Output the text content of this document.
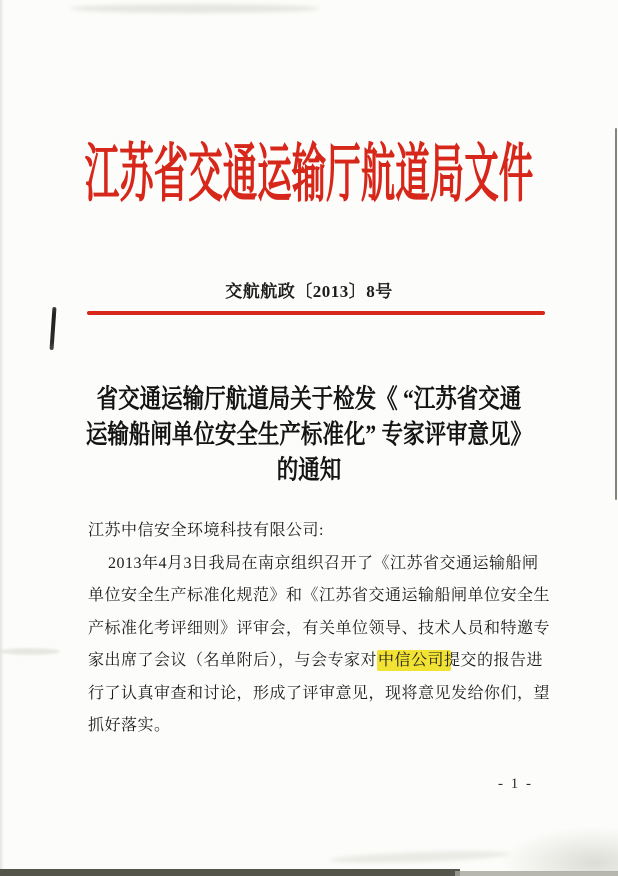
江苏省交通运输厅航道局文件
交航航政〔2013〕8号
省交通运输厅航道局关于检发《 “江苏省交通
运输船闸单位安全生产标准化” 专家评审意见》
的通知
江苏中信安全环境科技有限公司:
2013年4月3日我局在南京组织召开了《江苏省交通运输船闸
单位安全生产标准化规范》和《江苏省交通运输船闸单位安全生
产标准化考评细则》评审会，有关单位领导、技术人员和特邀专
家出席了会议（名单附后），与会专家对中信公司提交的报告进
行了认真审查和讨论，形成了评审意见，现将意见发给你们，望
抓好落实。
- 1 -
